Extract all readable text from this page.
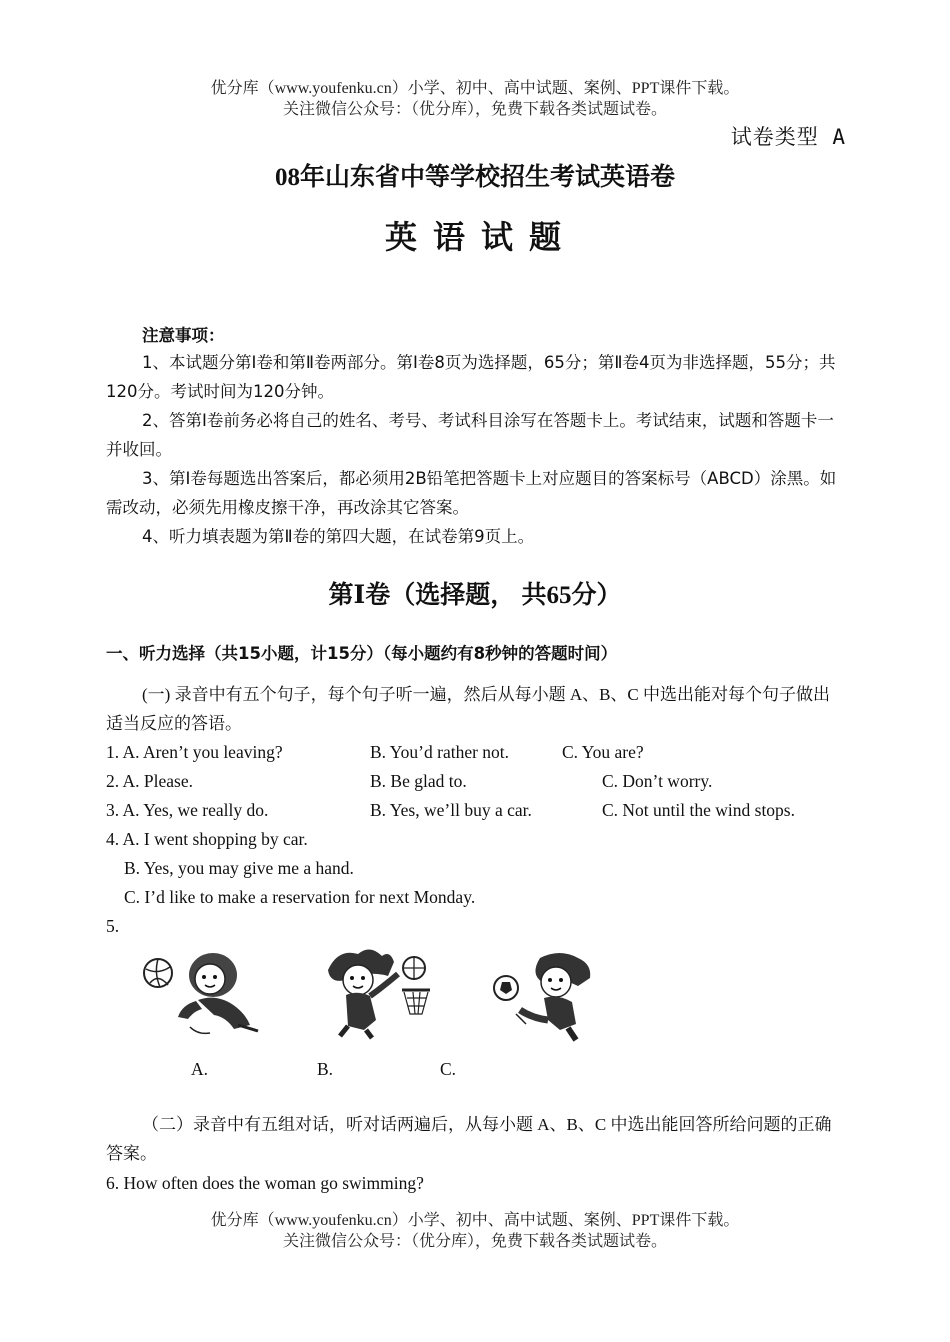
优分库（www.youfenku.cn）小学、初中、高中试题、案例、PPT课件下载。
关注微信公众号：（优分库），免费下载各类试题试卷。
试卷类型 A
08年山东省中等学校招生考试英语卷
英 语 试 题
注意事项：
1、本试题分第Ⅰ卷和第Ⅱ卷两部分。第Ⅰ卷8页为选择题，65分；第Ⅱ卷4页为非选择题，55分；共120分。考试时间为120分钟。
2、答第Ⅰ卷前务必将自己的姓名、考号、考试科目涂写在答题卡上。考试结束，试题和答题卡一并收回。
3、第Ⅰ卷每题选出答案后，都必须用2B铅笔把答题卡上对应题目的答案标号（ABCD）涂黑。如需改动，必须先用橡皮擦干净，再改涂其它答案。
4、听力填表题为第Ⅱ卷的第四大题，在试卷第9页上。
第Ⅰ卷（选择题， 共65分）
一、听力选择（共15小题，计15分）（每小题约有8秒钟的答题时间）
(一) 录音中有五个句子，每个句子听一遍，然后从每小题 A、B、C 中选出能对每个句子做出适当反应的答语。
1. A. Aren’t you leaving?	B. You’d rather not.	C. You are?
2. A. Please.	B. Be glad to.	C. Don’t worry.
3. A. Yes, we really do.	B. Yes, we’ll buy a car.	C. Not until the wind stops.
4. A. I went shopping by car.
B. Yes, you may give me a hand.
C. I’d like to make a reservation for next Monday.
5.
A.	B.	C.
（二）录音中有五组对话，听对话两遍后，从每小题 A、B、C 中选出能回答所给问题的正确答案。
6. How often does the woman go swimming?
优分库（www.youfenku.cn）小学、初中、高中试题、案例、PPT课件下载。
关注微信公众号：（优分库），免费下载各类试题试卷。
